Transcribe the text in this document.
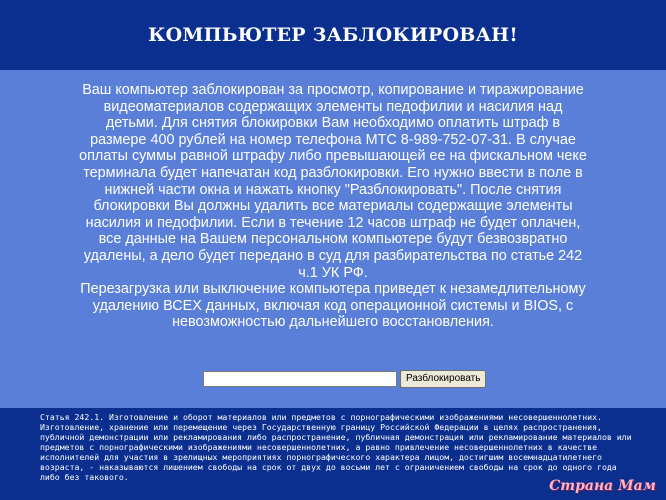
КОМПЬЮТЕР ЗАБЛОКИРОВАН!

Ваш компьютер заблокирован за просмотр, копирование и тиражирование видеоматериалов содержащих элементы педофилии и насилия над детьми. Для снятия блокировки Вам необходимо оплатить штраф в размере 400 рублей на номер телефона МТС 8-989-752-07-31. В случае оплаты суммы равной штрафу либо превышающей ее на фискальном чеке терминала будет напечатан код разблокировки. Его нужно ввести в поле в нижней части окна и нажать кнопку "Разблокировать". После снятия блокировки Вы должны удалить все материалы содержащие элементы насилия и педофилии. Если в течение 12 часов штраф не будет оплачен, все данные на Вашем персональном компьютере будут безвозвратно удалены, а дело будет передано в суд для разбирательства по статье 242 ч.1 УК РФ.

Перезагрузка или выключение компьютера приведет к незамедлительному удалению ВСЕХ данных, включая код операционной системы и BIOS, с невозможностью дальнейшего восстановления.

Разблокировать

Статья 242.1. Изготовление и оборот материалов или предметов с порнографическими изображениями несовершеннолетних.

Изготовление, хранение или перемещение через Государственную границу Российской Федерации в целях распространения, публичной демонстрации или рекламирования либо распространение, публичная демонстрация или рекламирование материалов или предметов с порнографическими изображениями несовершеннолетних, а равно привлечение несовершеннолетних в качестве исполнителей для участия в зрелищных мероприятиях порнографического характера лицом, достигшим восемнадцатилетнего возраста, - наказываются лишением свободы на срок от двух до восьми лет с ограничением свободы на срок до одного года либо без такового.

Страна Мам
